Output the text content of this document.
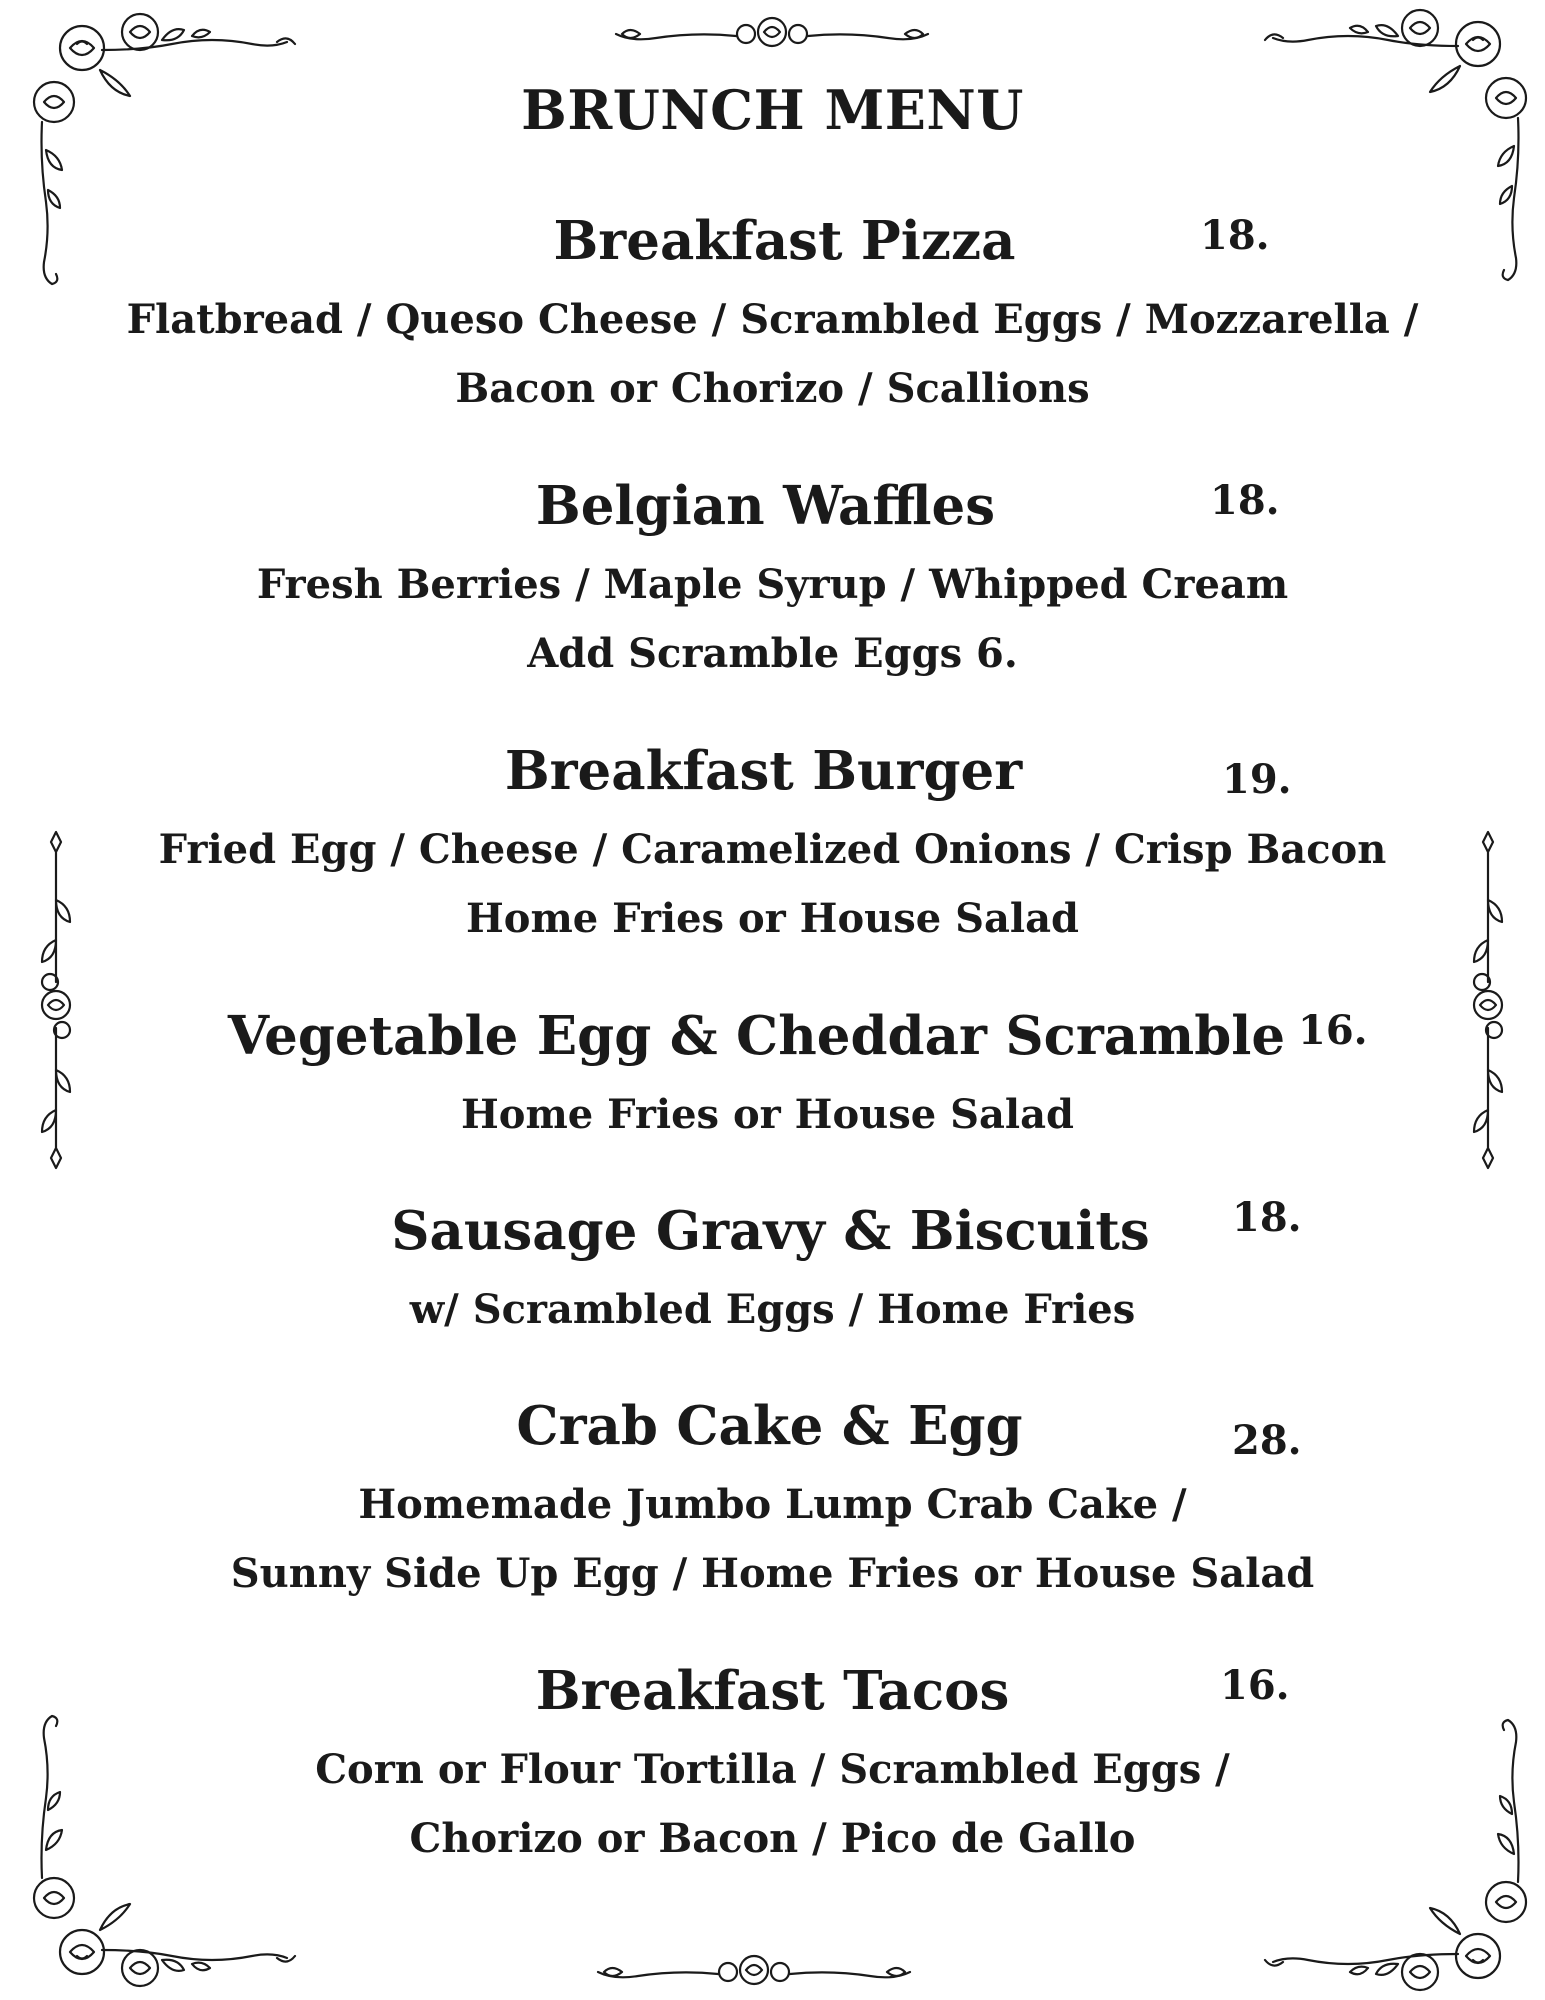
BRUNCH MENU
Breakfast Pizza	18.
Flatbread / Queso Cheese / Scrambled Eggs / Mozzarella /
Bacon or Chorizo / Scallions
Belgian Waffles	18.
Fresh Berries / Maple Syrup / Whipped Cream
Add Scramble Eggs 6.
Breakfast Burger	19.
Fried Egg / Cheese / Caramelized Onions / Crisp Bacon
Home Fries or House Salad
Vegetable Egg & Cheddar Scramble 16.
Home Fries or House Salad
Sausage Gravy & Biscuits	18.
w/ Scrambled Eggs / Home Fries
Crab Cake & Egg	28.
Homemade Jumbo Lump Crab Cake /
Sunny Side Up Egg / Home Fries or House Salad
Breakfast Tacos	16.
Corn or Flour Tortilla / Scrambled Eggs /
Chorizo or Bacon / Pico de Gallo
